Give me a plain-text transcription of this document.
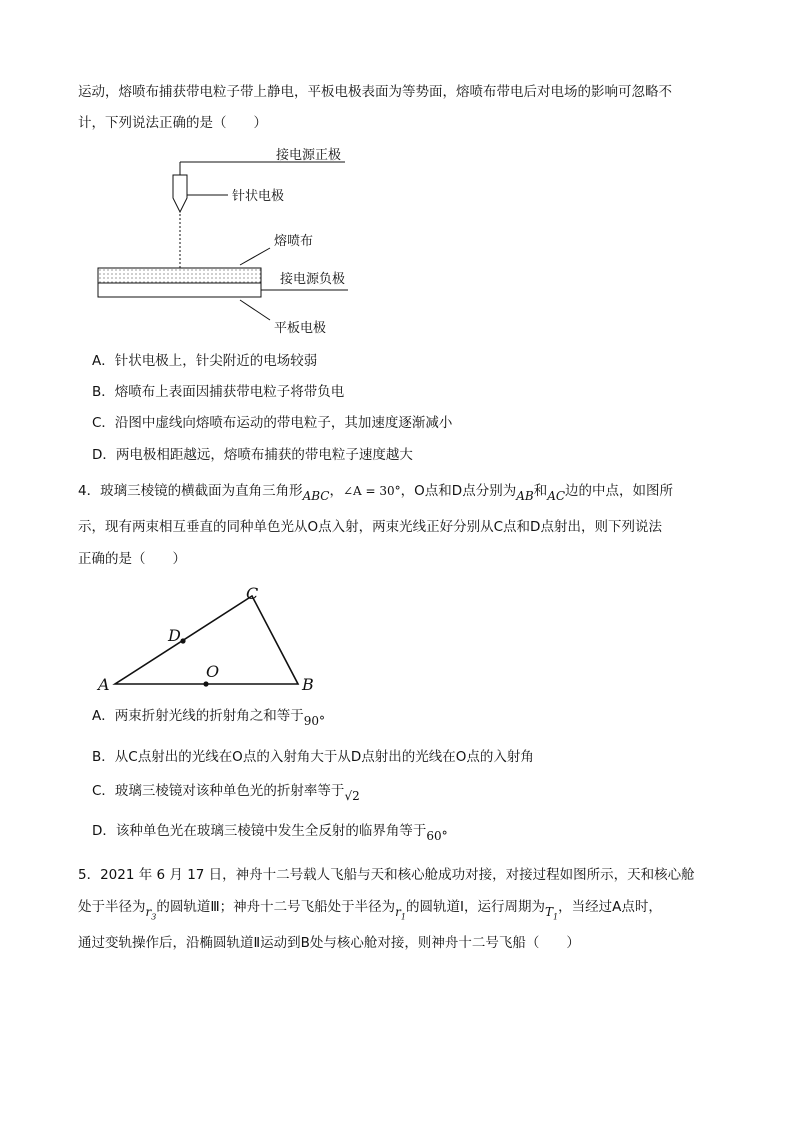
运动，熔喷布捕获带电粒子带上静电，平板电极表面为等势面，熔喷布带电后对电场的影响可忽略不
计，下列说法正确的是（　　）
接电源正极
针状电极
熔喷布
接电源负极
平板电极
A．针状电极上，针尖附近的电场较弱
B．熔喷布上表面因捕获带电粒子将带负电
C．沿图中虚线向熔喷布运动的带电粒子，其加速度逐渐减小
D．两电极相距越远，熔喷布捕获的带电粒子速度越大
4．玻璃三棱镜的横截面为直角三角形ABC，∠A = 30°，O点和D点分别为AB和AC边的中点，如图所
示，现有两束相互垂直的同种单色光从O点入射，两束光线正好分别从C点和D点射出，则下列说法
正确的是（　　）
A	B
C
D
O
A．两束折射光线的折射角之和等于90°
B．从C点射出的光线在O点的入射角大于从D点射出的光线在O点的入射角
C．玻璃三棱镜对该种单色光的折射率等于√2
D．该种单色光在玻璃三棱镜中发生全反射的临界角等于60°
5．2021 年 6 月 17 日，神舟十二号载人飞船与天和核心舱成功对接，对接过程如图所示，天和核心舱
处于半径为$r_3$的圆轨道Ⅲ；神舟十二号飞船处于半径为$r_1$的圆轨道Ⅰ，运行周期为$T_1$，当经过A点时，
通过变轨操作后，沿椭圆轨道Ⅱ运动到B处与核心舱对接，则神舟十二号飞船（　　）
